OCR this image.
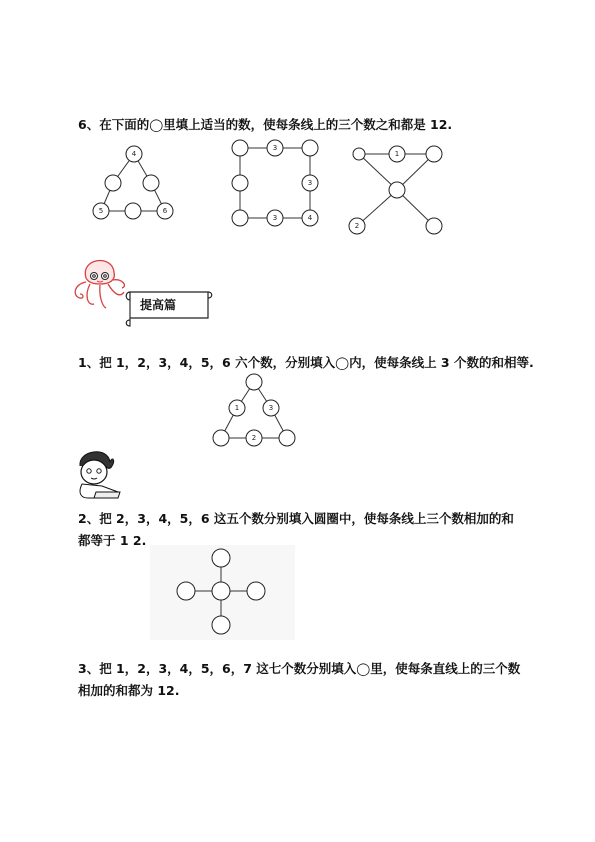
6、在下面的◯里填上适当的数，使每条线上的三个数之和都是 12.
4
5	6
3
3
3	4
1
2
提高篇
1、把 1，2，3，4，5，6 六个数，分别填入◯内，使每条线上 3 个数的和相等.
1	3
2
2、把 2，3，4，5，6 这五个数分别填入圆圈中，使每条线上三个数相加的和
都等于 1 2.
3、把 1，2，3，4，5，6，7 这七个数分别填入◯里，使每条直线上的三个数
相加的和都为 12.
